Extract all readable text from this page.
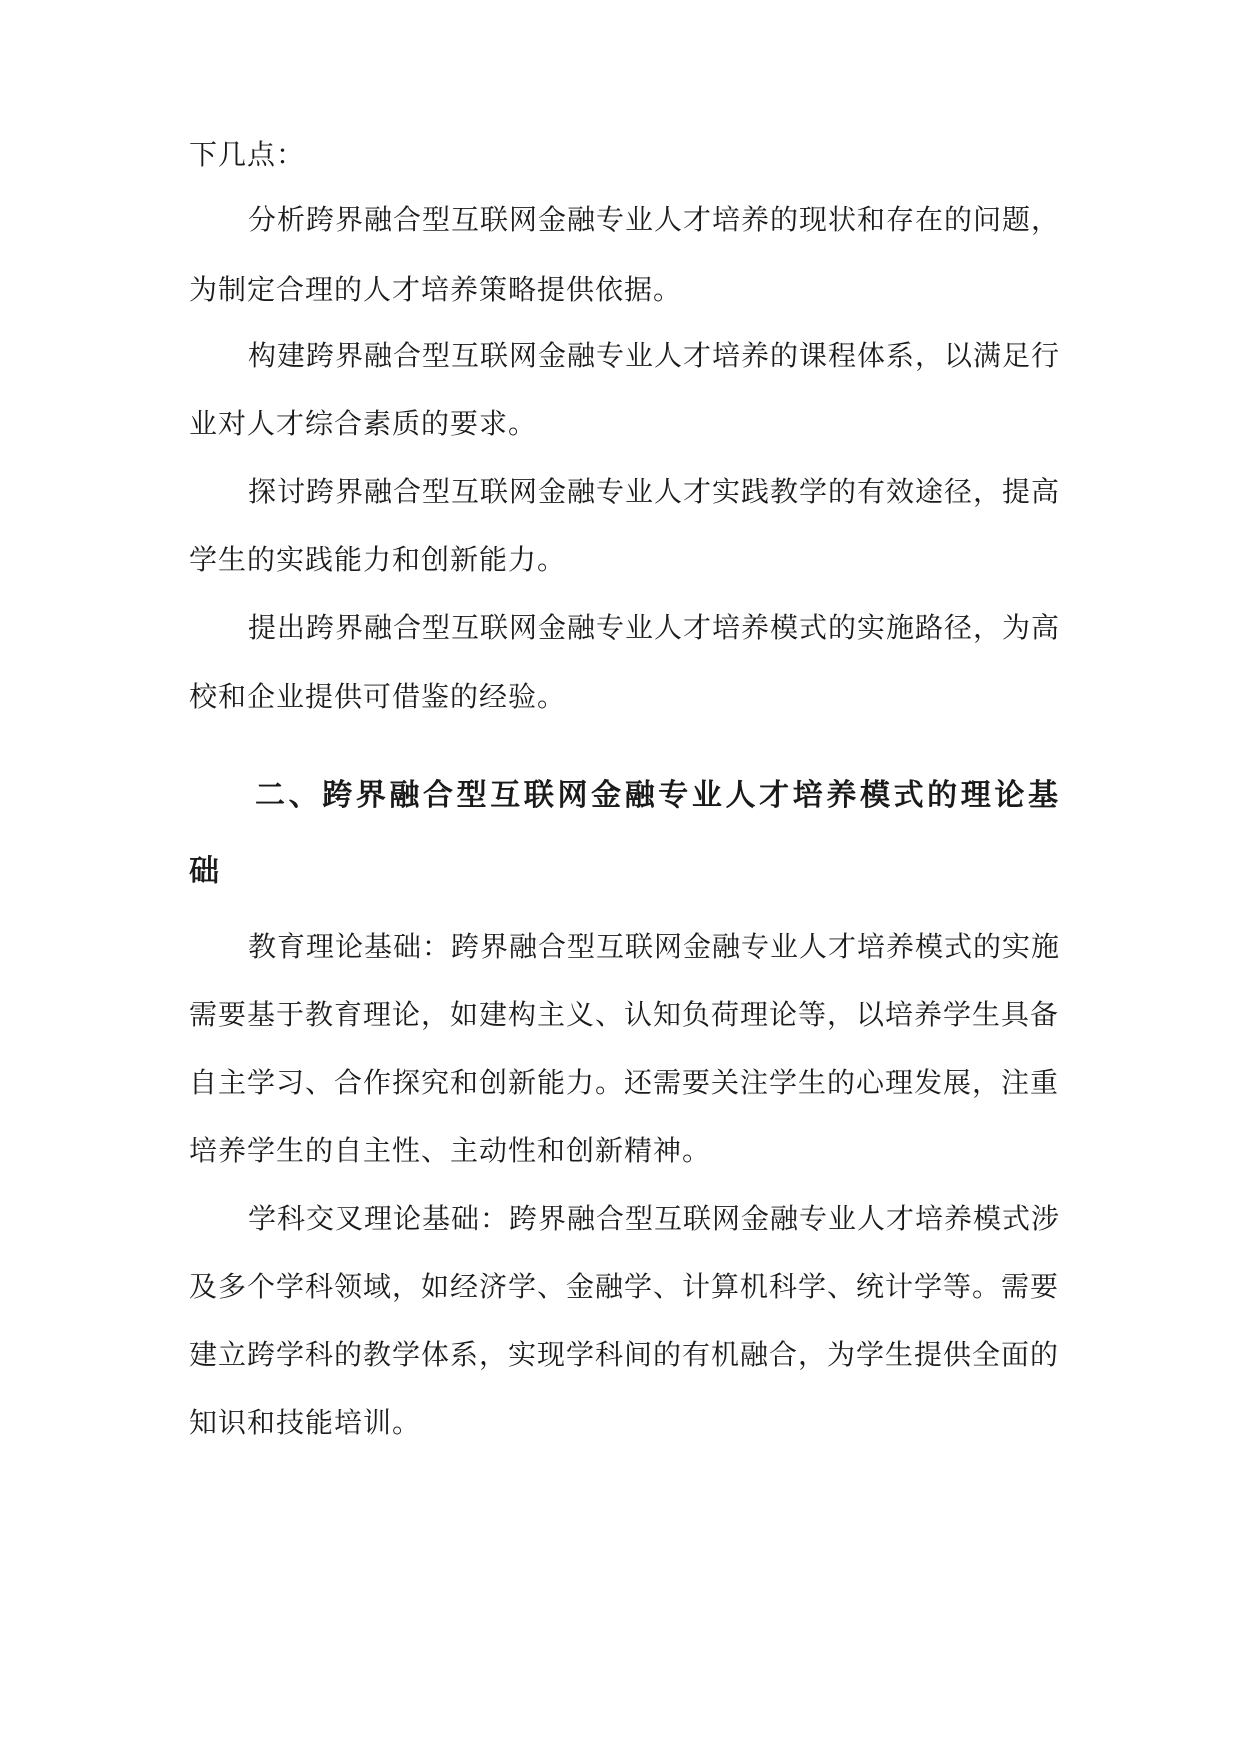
下几点：

分析跨界融合型互联网金融专业人才培养的现状和存在的问题，

为制定合理的人才培养策略提供依据。

构建跨界融合型互联网金融专业人才培养的课程体系，以满足行

业对人才综合素质的要求。

探讨跨界融合型互联网金融专业人才实践教学的有效途径，提高

学生的实践能力和创新能力。

提出跨界融合型互联网金融专业人才培养模式的实施路径，为高

校和企业提供可借鉴的经验。

二、跨界融合型互联网金融专业人才培养模式的理论基
础

教育理论基础：跨界融合型互联网金融专业人才培养模式的实施

需要基于教育理论，如建构主义、认知负荷理论等，以培养学生具备

自主学习、合作探究和创新能力。还需要关注学生的心理发展，注重

培养学生的自主性、主动性和创新精神。

学科交叉理论基础：跨界融合型互联网金融专业人才培养模式涉

及多个学科领域，如经济学、金融学、计算机科学、统计学等。需要

建立跨学科的教学体系，实现学科间的有机融合，为学生提供全面的

知识和技能培训。
